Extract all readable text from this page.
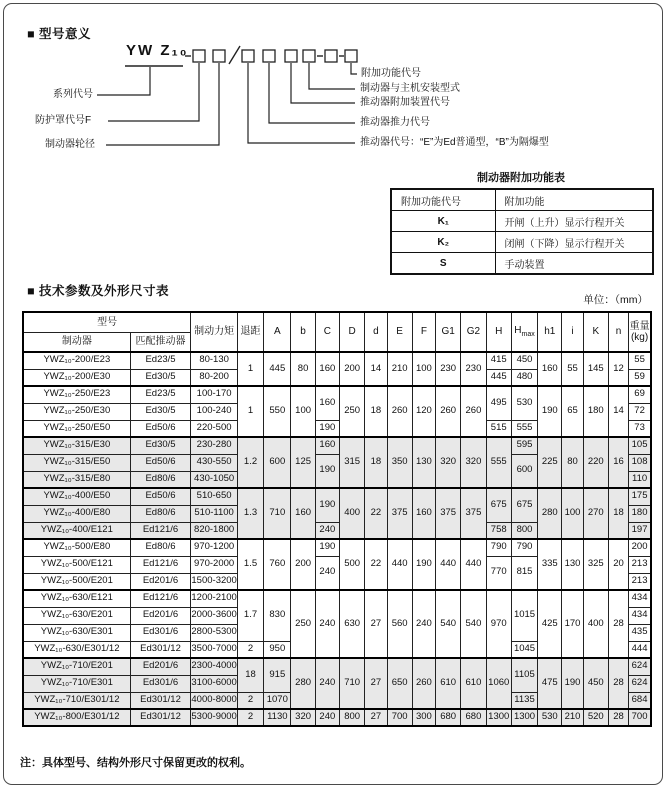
■ 型号意义
YW Z₁₀
系列代号
防护罩代号F
制动器轮径
附加功能代号
制动器与主机安装型式
推动器附加装置代号
推动器推力代号
推动器代号：“E”为Ed普通型，“B”为隔爆型
制动器附加功能表
附加功能代号	附加功能
K₁	开闸（上升）显示行程开关
K₂	闭闸（下降）显示行程开关
S	手动装置
■ 技术参数及外形尺寸表
单位：（mm）
型号		制动力矩	退距	A	b	C	D	d	E	F	G1	G2	H	$H_{max}$	h1	i	K	n	重量
(kg)
制动器	匹配推动器																		
YWZ₁₀-200/E23	Ed23/5	80-130	1	445	80	160	200	14	210	100	230	230	415	450	160	55	145	12	55
YWZ₁₀-200/E30	Ed30/5	80-200											445	480					59
YWZ₁₀-250/E23	Ed23/5	100-170	1	550	100	160	250	18	260	120	260	260	495	530	190	65	180	14	69
YWZ₁₀-250/E30	Ed30/5	100-240																	72
YWZ₁₀-250/E50	Ed50/6	220-500				190							515	555					73
YWZ₁₀-315/E30	Ed30/5	230-280	1.2	600	125	160	315	18	350	130	320	320	555	595	225	80	220	16	105
YWZ₁₀-315/E50	Ed50/6	430-550				190								600					108
YWZ₁₀-315/E80	Ed80/6	430-1050																	110
YWZ₁₀-400/E50	Ed50/6	510-650	1.3	710	160	190	400	22	375	160	375	375	675	675	280	100	270	18	175
YWZ₁₀-400/E80	Ed80/6	510-1100																	180
YWZ₁₀-400/E121	Ed121/6	820-1800				240							758	800					197
YWZ₁₀-500/E80	Ed80/6	970-1200	1.5	760	200	190	500	22	440	190	440	440	790	790	335	130	325	20	200
YWZ₁₀-500/E121	Ed121/6	970-2000				240							770	815					213
YWZ₁₀-500/E201	Ed201/6	1500-3200																	213
YWZ₁₀-630/E121	Ed121/6	1200-2100	1.7	830	250	240	630	27	560	240	540	540	970	1015	425	170	400	28	434
YWZ₁₀-630/E201	Ed201/6	2000-3600																	434
YWZ₁₀-630/E301	Ed301/6	2800-5300																	435
YWZ₁₀-630/E301/12	Ed301/12	3500-7000	2	950										1045					444
YWZ₁₀-710/E201	Ed201/6	2300-4000	18	915	280	240	710	27	650	260	610	610	1060	1105	475	190	450	28	624
YWZ₁₀-710/E301	Ed301/6	3100-6000																	624
YWZ₁₀-710/E301/12	Ed301/12	4000-8000	2	1070										1135					684
YWZ₁₀-800/E301/12	Ed301/12	5300-9000	2	1130	320	240	800	27	700	300	680	680	1300	1300	530	210	520	28	700
注：具体型号、结构外形尺寸保留更改的权利。
